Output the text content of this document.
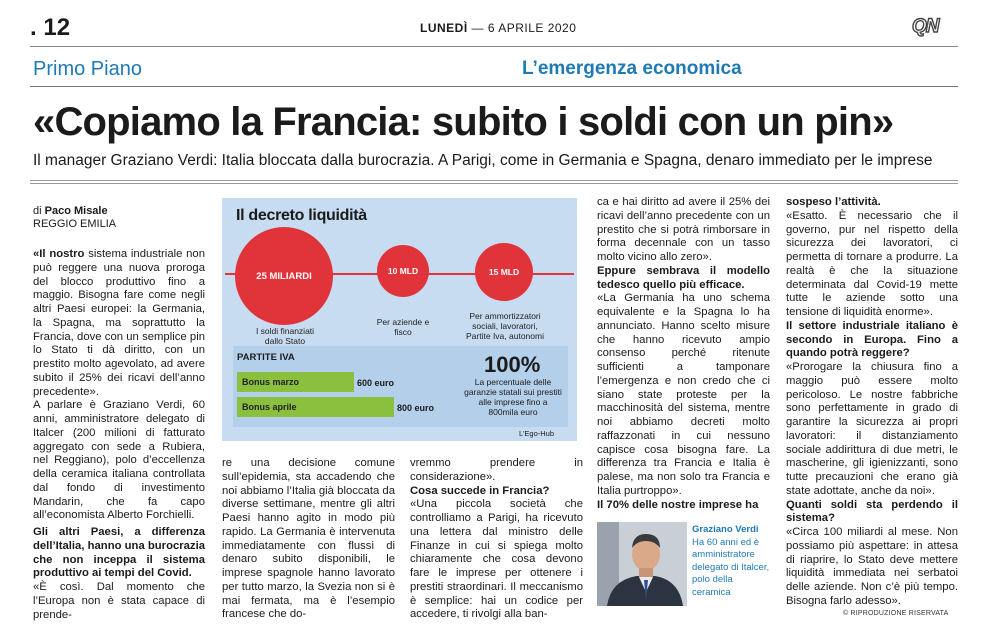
. 12	LUNEDÌ — 6 APRILE 2020	QN
Primo Piano	L’emergenza economica
«Copiamo la Francia: subito i soldi con un pin»
Il manager Graziano Verdi: Italia bloccata dalla burocrazia. A Parigi, come in Germania e Spagna, denaro immediato per le imprese
di Paco Misale
REGGIO EMILIA

«Il nostro sistema industriale non può reggere una nuova proroga del blocco produttivo fino a maggio. Bisogna fare come negli altri Paesi europei: la Germania, la Spagna, ma soprattutto la Francia, dove con un semplice pin lo Stato ti dà diritto, con un prestito molto agevolato, ad avere subito il 25% dei ricavi dell’anno precedente».

A parlare è Graziano Verdi, 60 anni, amministratore delegato di Italcer (200 milioni di fatturato aggregato con sede a Rubiera, nel Reggiano), polo d’eccellenza della ceramica italiana controllata dal fondo di investimento Mandarin, che fa capo all’economista Alberto Forchielli.

Gli altri Paesi, a differenza dell’Italia, hanno una burocrazia che non inceppa il sistema produttivo ai tempi del Covid.

«È così. Dal momento che l’Europa non è stata capace di prende-

Il decreto liquidità
25 MILIARDI
I soldi finanziati dallo Stato
10 MLD
Per aziende e fisco
15 MLD
Per ammortizzatori sociali, lavoratori, Partite Iva, autonomi
PARTITE IVA
Bonus marzo	600 euro
Bonus aprile	800 euro
100%
La percentuale delle garanzie statali sui prestiti alle imprese fino a 800mila euro
L’Ego-Hub

re una decisione comune sull’epidemia, sta accadendo che noi abbiamo l’Italia già bloccata da diverse settimane, mentre gli altri Paesi hanno agito in modo più rapido. La Germania è intervenuta immediatamente con flussi di denaro subito disponibili, le imprese spagnole hanno lavorato per tutto marzo, la Svezia non si è mai fermata, ma è l’esempio francese che do-

vremmo prendere in considerazione».

Cosa succede in Francia?

«Una piccola società che controlliamo a Parigi, ha ricevuto una lettera dal ministro delle Finanze in cui si spiega molto chiaramente che cosa devono fare le imprese per ottenere i prestiti straordinari. Il meccanismo è semplice: hai un codice per accedere, ti rivolgi alla ban-

ca e hai diritto ad avere il 25% dei ricavi dell’anno precedente con un prestito che si potrà rimborsare in forma decennale con un tasso molto vicino allo zero».

Eppure sembrava il modello tedesco quello più efficace.

«La Germania ha uno schema equivalente e la Spagna lo ha annunciato. Hanno scelto misure che hanno ricevuto ampio consenso perché ritenute sufficienti a tamponare l’emergenza e non credo che ci siano state proteste per la macchinosità del sistema, mentre noi abbiamo decreti molto raffazzonati in cui nessuno capisce cosa bisogna fare. La differenza tra Francia e Italia è palese, ma non solo tra Francia e Italia purtroppo».

Il 70% delle nostre imprese ha

Graziano Verdi
Ha 60 anni ed è amministratore delegato di Italcer, polo della ceramica

sospeso l’attività.

«Esatto. È necessario che il governo, pur nel rispetto della sicurezza dei lavoratori, ci permetta di tornare a produrre. La realtà è che la situazione determinata dal Covid-19 mette tutte le aziende sotto una tensione di liquidità enorme».

Il settore industriale italiano è secondo in Europa. Fino a quando potrà reggere?

«Prorogare la chiusura fino a maggio può essere molto pericoloso. Le nostre fabbriche sono perfettamente in grado di garantire la sicurezza ai propri lavoratori: il distanziamento sociale addirittura di due metri, le mascherine, gli igienizzanti, sono tutte precauzioni che erano già state adottate, anche da noi».

Quanti soldi sta perdendo il sistema?

«Circa 100 miliardi al mese. Non possiamo più aspettare: in attesa di riaprire, lo Stato deve mettere liquidità immediata nei serbatoi delle aziende. Non c’è più tempo. Bisogna farlo adesso».

© RIPRODUZIONE RISERVATA
